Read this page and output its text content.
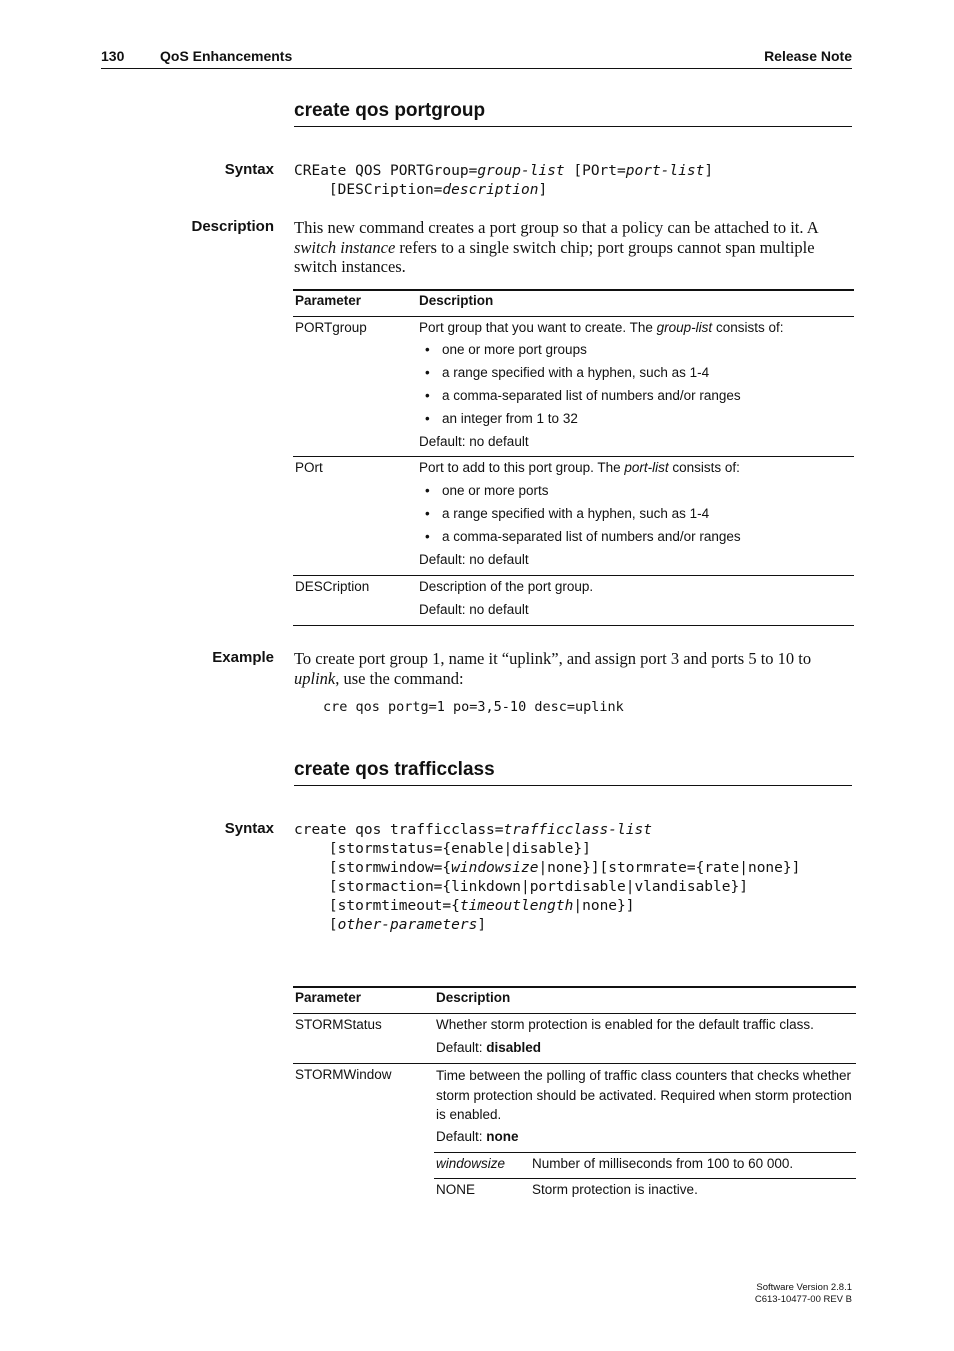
130	QoS Enhancements	Release Note
create qos portgroup
Syntax CREate QOS PORTGroup=group-list [POrt=port-list]
[DESCription=description]
Description This new command creates a port group so that a policy can be attached to it. A switch instance refers to a single switch chip; port groups cannot span multiple switch instances.
Parameter	Description
PORTgroup	Port group that you want to create. The group-list consists of:
• one or more port groups
• a range specified with a hyphen, such as 1-4
• a comma-separated list of numbers and/or ranges
• an integer from 1 to 32
Default: no default
POrt	Port to add to this port group. The port-list consists of:
• one or more ports
• a range specified with a hyphen, such as 1-4
• a comma-separated list of numbers and/or ranges
Default: no default
DESCription	Description of the port group.
Default: no default
Example To create port group 1, name it “uplink”, and assign port 3 and ports 5 to 10 to uplink, use the command:
cre qos portg=1 po=3,5-10 desc=uplink
create qos trafficclass
Syntax create qos trafficclass=trafficclass-list
[stormstatus={enable|disable}]
[stormwindow={windowsize|none}][stormrate={rate|none}]
[stormaction={linkdown|portdisable|vlandisable}]
[stormtimeout={timeoutlength|none}]
[other-parameters]
Parameter	Description
STORMStatus	Whether storm protection is enabled for the default traffic class.
Default: disabled
STORMWindow	Time between the polling of traffic class counters that checks whether storm protection should be activated. Required when storm protection is enabled.
Default: none
windowsize Number of milliseconds from 100 to 60 000.
NONE	Storm protection is inactive.
Software Version 2.8.1
C613-10477-00 REV B
